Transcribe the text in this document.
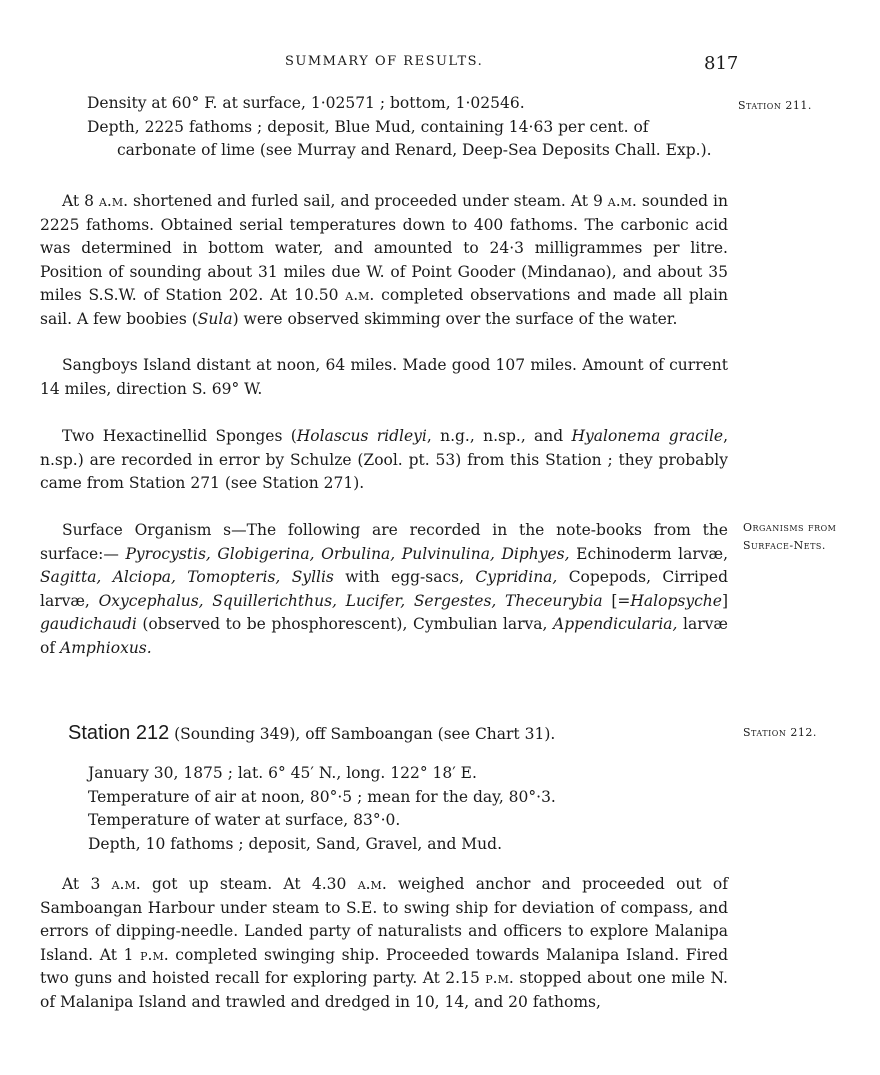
SUMMARY OF RESULTS.	817
Station 211.
Density at 60° F. at surface, 1·02571 ; bottom, 1·02546.
Depth, 2225 fathoms ; deposit, Blue Mud, containing 14·63 per cent. of carbonate of lime (see Murray and Renard, Deep-Sea Deposits Chall. Exp.).
At 8 a.m. shortened and furled sail, and proceeded under steam. At 9 a.m. sounded in 2225 fathoms. Obtained serial temperatures down to 400 fathoms. The carbonic acid was determined in bottom water, and amounted to 24·3 milligrammes per litre. Position of sounding about 31 miles due W. of Point Gooder (Mindanao), and about 35 miles S.S.W. of Station 202. At 10.50 a.m. completed observations and made all plain sail. A few boobies (Sula) were observed skimming over the surface of the water.
Sangboys Island distant at noon, 64 miles. Made good 107 miles. Amount of current 14 miles, direction S. 69° W.
Two Hexactinellid Sponges (Holascus ridleyi, n.g., n.sp., and Hyalonema gracile, n.sp.) are recorded in error by Schulze (Zool. pt. 53) from this Station ; they probably came from Station 271 (see Station 271).
Organisms from
Surface-Nets.
Surface Organism s—The following are recorded in the note-books from the surface:— Pyrocystis, Globigerina, Orbulina, Pulvinulina, Diphyes, Echinoderm larvæ, Sagitta, Alciopa, Tomopteris, Syllis with egg-sacs, Cypridina, Copepods, Cirriped larvæ, Oxycephalus, Squillerichthus, Lucifer, Sergestes, Theceurybia [=Halopsyche] gaudichaudi (observed to be phosphorescent), Cymbulian larva, Appendicularia, larvæ of Amphioxus.
Station 212 (Sounding 349), off Samboangan (see Chart 31).	Station 212.
January 30, 1875 ; lat. 6° 45′ N., long. 122° 18′ E.
Temperature of air at noon, 80°·5 ; mean for the day, 80°·3.
Temperature of water at surface, 83°·0.
Depth, 10 fathoms ; deposit, Sand, Gravel, and Mud.
At 3 a.m. got up steam. At 4.30 a.m. weighed anchor and proceeded out of Samboangan Harbour under steam to S.E. to swing ship for deviation of compass, and errors of dipping-needle. Landed party of naturalists and officers to explore Malanipa Island. At 1 p.m. completed swinging ship. Proceeded towards Malanipa Island. Fired two guns and hoisted recall for exploring party. At 2.15 p.m. stopped about one mile N. of Malanipa Island and trawled and dredged in 10, 14, and 20 fathoms,
